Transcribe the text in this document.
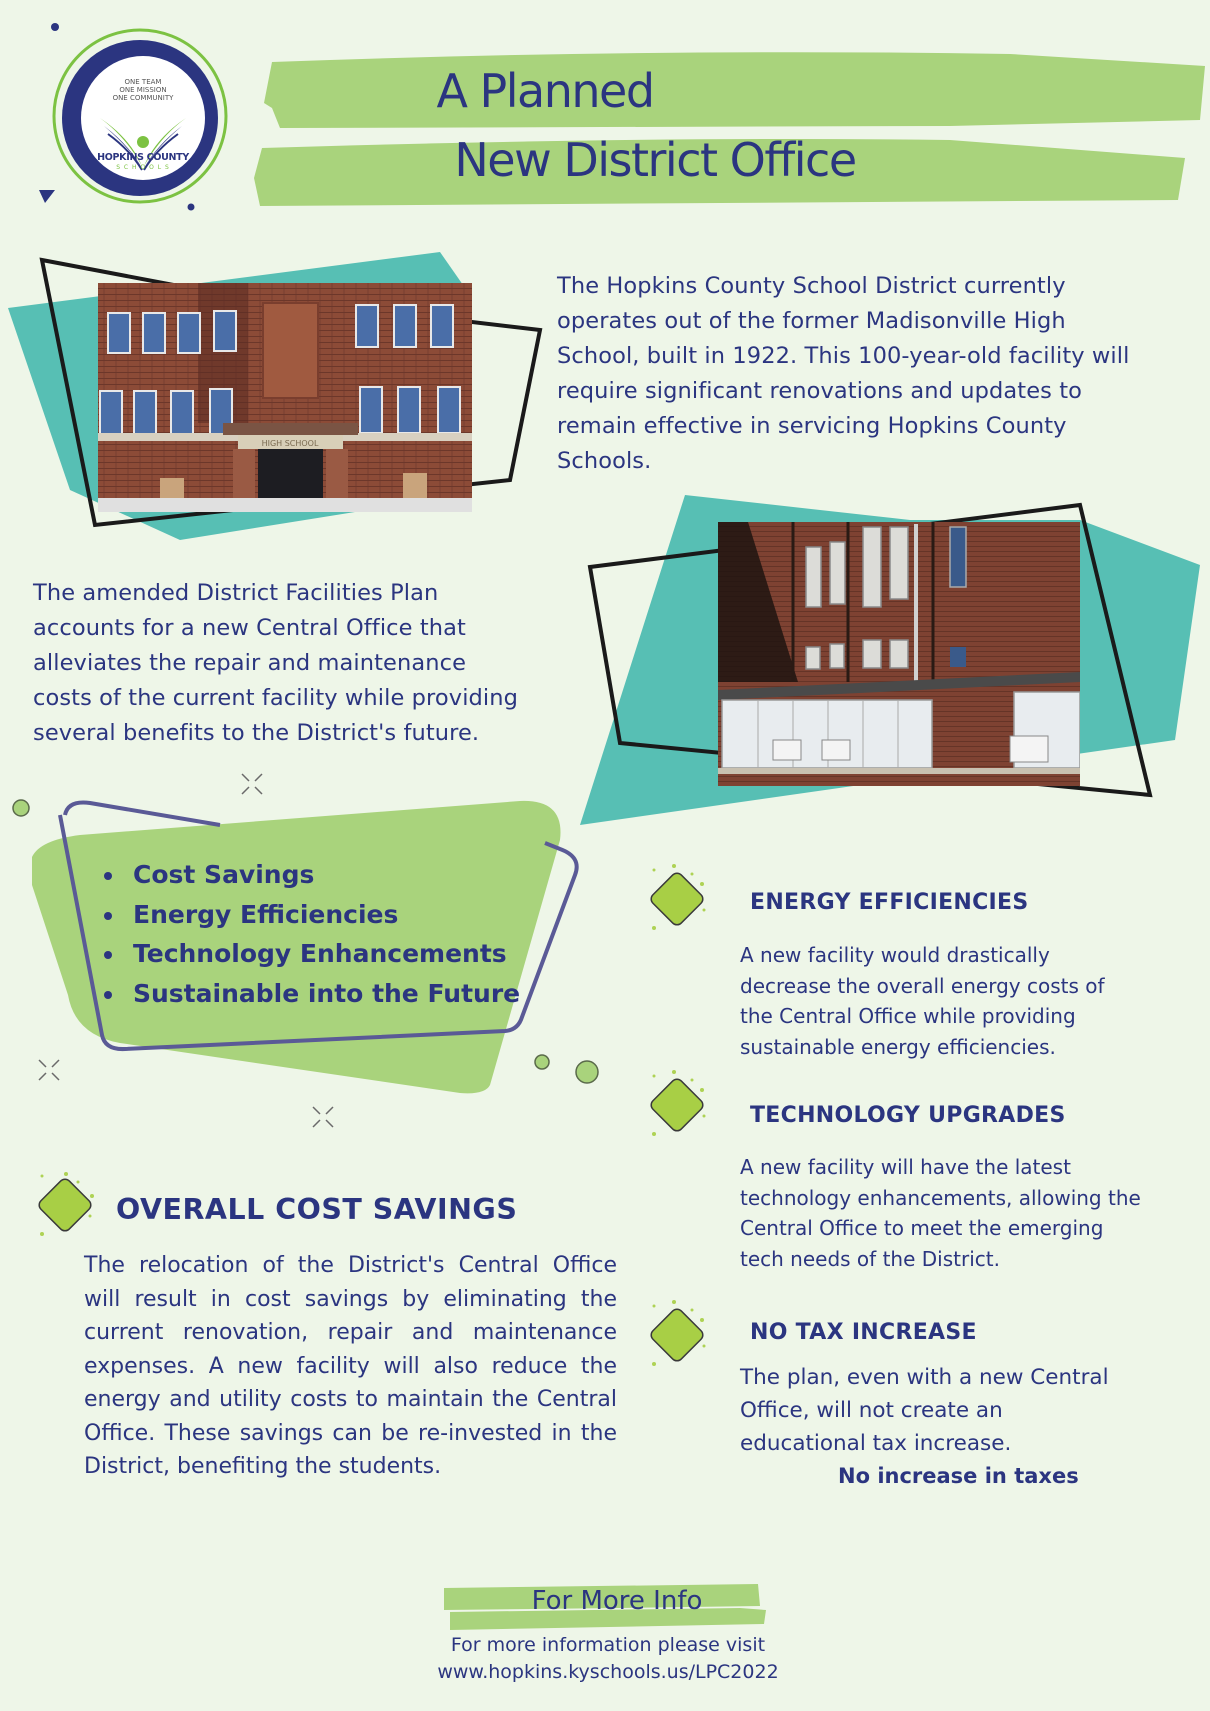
ONE TEAM
ONE MISSION
ONE COMMUNITY
HOPKINS COUNTY
S C H O O L S
A Planned
New District Office
HIGH SCHOOL
The Hopkins County School District currently
operates out of the former Madisonville High
School, built in 1922. This 100-year-old facility will
require significant renovations and updates to
remain effective in servicing Hopkins County
Schools.
The amended District Facilities Plan
accounts for a new Central Office that
alleviates the repair and maintenance
costs of the current facility while providing
several benefits to the District's future.
Cost Savings
Energy Efficiencies
Technology Enhancements
Sustainable into the Future
OVERALL COST SAVINGS
The relocation of the District's Central Office will result in cost savings by eliminating the current renovation, repair and maintenance expenses. A new facility will also reduce the energy and utility costs to maintain the Central Office. These savings can be re-invested in the District, benefiting the students.
ENERGY EFFICIENCIES
A new facility would drastically
decrease the overall energy costs of
the Central Office while providing
sustainable energy efficiencies.
TECHNOLOGY UPGRADES
A new facility will have the latest
technology enhancements, allowing the
Central Office to meet the emerging
tech needs of the District.
NO TAX INCREASE
The plan, even with a new Central
Office, will not create an
educational tax increase.
No increase in taxes
For More Info
For more information please visit
www.hopkins.kyschools.us/LPC2022
